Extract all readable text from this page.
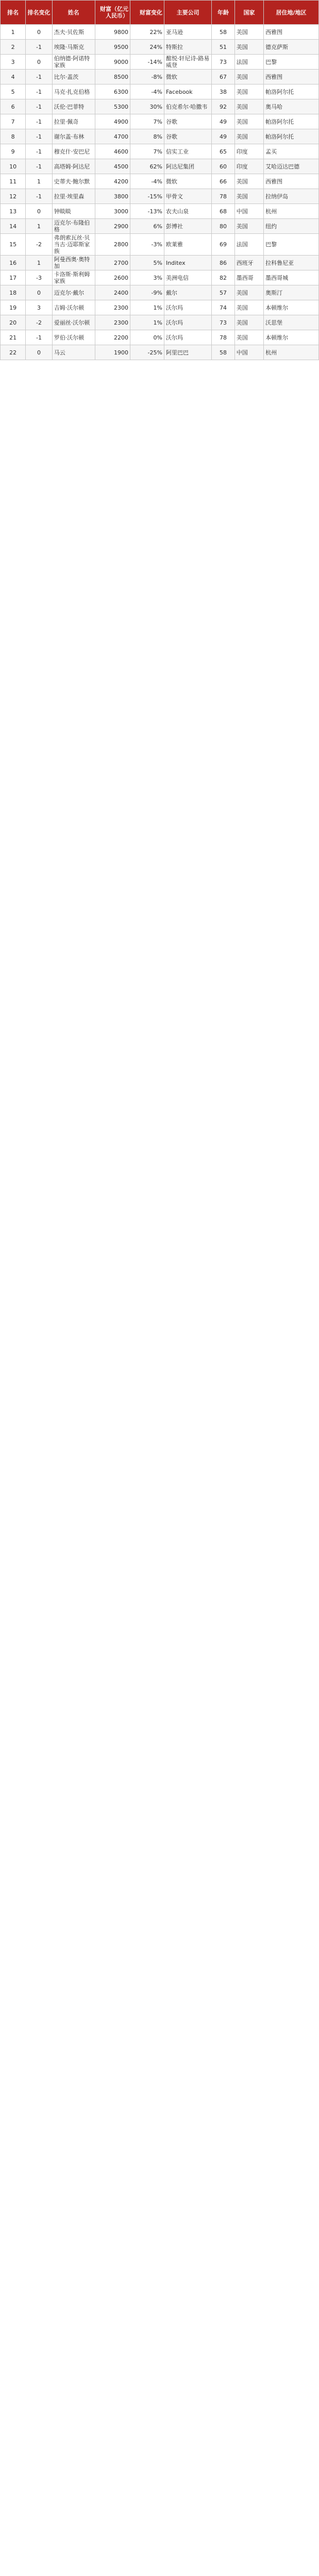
排名	排名变化	姓名	财富（亿元人民币）	财富变化	主要公司	年龄	国家	居住地/地区
1	0	杰夫·贝佐斯	9800	22%	亚马逊	58	美国	西雅图
2	-1	埃隆·马斯克	9500	24%	特斯拉	51	美国	德克萨斯
3	0	伯纳德·阿诺特家族	9000	-14%	酩悦·轩尼诗-路易威登	73	法国	巴黎
4	-1	比尔·盖茨	8500	-8%	微软	67	美国	西雅图
5	-1	马克·扎克伯格	6300	-4%	Facebook	38	美国	帕洛阿尔托
6	-1	沃伦·巴菲特	5300	30%	伯克希尔·哈撒韦	92	美国	奥马哈
7	-1	拉里·佩奇	4900	7%	谷歌	49	美国	帕洛阿尔托
8	-1	谢尔盖·布林	4700	8%	谷歌	49	美国	帕洛阿尔托
9	-1	穆克什·安巴尼	4600	7%	信实工业	65	印度	孟买
10	-1	高塔姆·阿达尼	4500	62%	阿达尼集团	60	印度	艾哈迈达巴德
11	1	史蒂夫·鲍尔默	4200	-4%	微软	66	美国	西雅图
12	-1	拉里·埃里森	3800	-15%	甲骨文	78	美国	拉纳伊岛
13	0	钟睒睒	3000	-13%	农夫山泉	68	中国	杭州
14	1	迈克尔·布隆伯格	2900	6%	彭博社	80	美国	纽约
15	-2	弗朗索瓦丝·贝当古·迈耶斯家族	2800	-3%	欧莱雅	69	法国	巴黎
16	1	阿曼西奥·奥特加	2700	5%	Inditex	86	西班牙	拉科鲁尼亚
17	-3	卡洛斯·斯利姆家族	2600	3%	美洲电信	82	墨西哥	墨西哥城
18	0	迈克尔·戴尔	2400	-9%	戴尔	57	美国	奥斯汀
19	3	吉姆·沃尔顿	2300	1%	沃尔玛	74	美国	本顿维尔
20	-2	爱丽丝·沃尔顿	2300	1%	沃尔玛	73	美国	沃思堡
21	-1	罗伯·沃尔顿	2200	0%	沃尔玛	78	美国	本顿维尔
22	0	马云	1900	-25%	阿里巴巴	58	中国	杭州
